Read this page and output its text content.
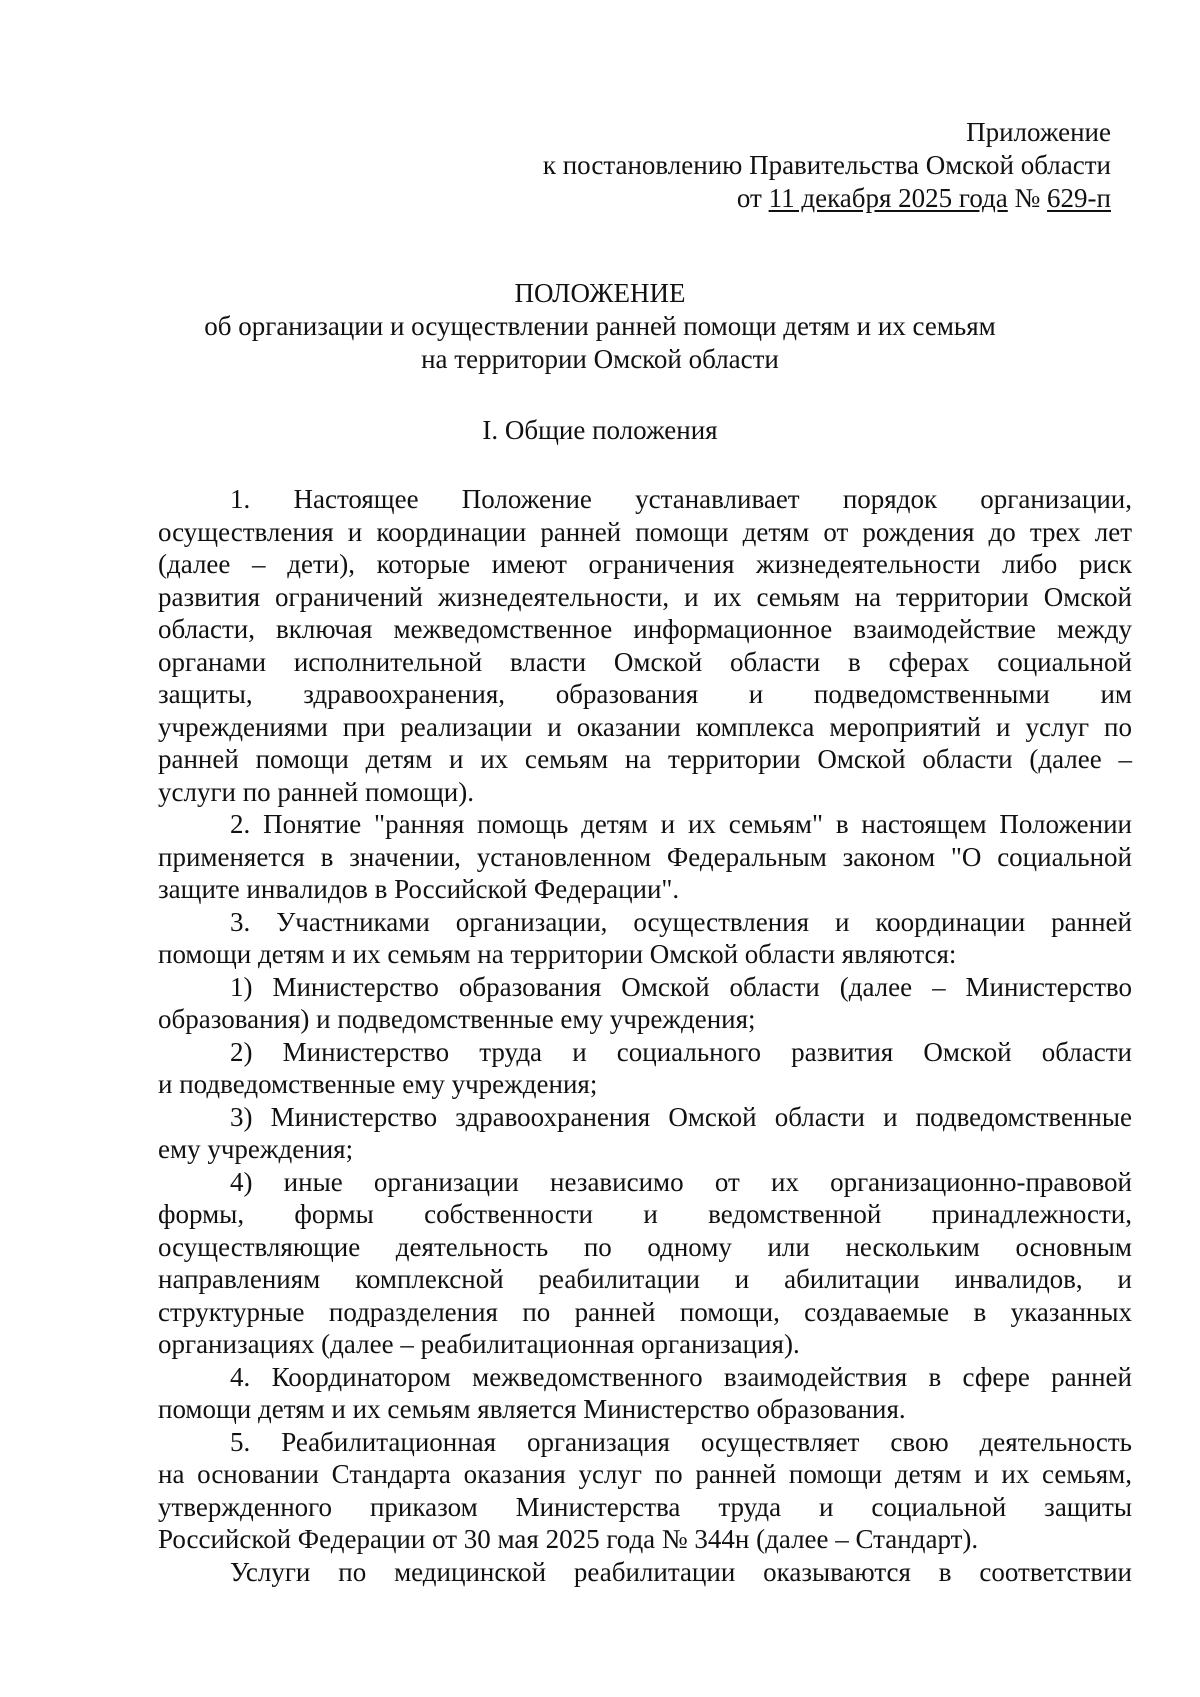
Приложение
к постановлению Правительства Омской области
от 11 декабря 2025 года № 629-п
ПОЛОЖЕНИЕ
об организации и осуществлении ранней помощи детям и их семьям
на территории Омской области
I. Общие положения
1. Настоящее Положение устанавливает порядок организации,
осуществления и координации ранней помощи детям от рождения до трех лет
(далее – дети), которые имеют ограничения жизнедеятельности либо риск
развития ограничений жизнедеятельности, и их семьям на территории Омской
области, включая межведомственное информационное взаимодействие между
органами исполнительной власти Омской области в сферах социальной
защиты, здравоохранения, образования и подведомственными им
учреждениями при реализации и оказании комплекса мероприятий и услуг по
ранней помощи детям и их семьям на территории Омской области (далее –
услуги по ранней помощи).
2. Понятие "ранняя помощь детям и их семьям" в настоящем Положении
применяется в значении, установленном Федеральным законом "О социальной
защите инвалидов в Российской Федерации".
3. Участниками организации, осуществления и координации ранней
помощи детям и их семьям на территории Омской области являются:
1) Министерство образования Омской области (далее – Министерство
образования) и подведомственные ему учреждения;
2) Министерство труда и социального развития Омской области
и подведомственные ему учреждения;
3) Министерство здравоохранения Омской области и подведомственные
ему учреждения;
4) иные организации независимо от их организационно-правовой
формы, формы собственности и ведомственной принадлежности,
осуществляющие деятельность по одному или нескольким основным
направлениям комплексной реабилитации и абилитации инвалидов, и
структурные подразделения по ранней помощи, создаваемые в указанных
организациях (далее – реабилитационная организация).
4. Координатором межведомственного взаимодействия в сфере ранней
помощи детям и их семьям является Министерство образования.
5. Реабилитационная организация осуществляет свою деятельность
на основании Стандарта оказания услуг по ранней помощи детям и их семьям,
утвержденного приказом Министерства труда и социальной защиты
Российской Федерации от 30 мая 2025 года № 344н (далее – Стандарт).
Услуги по медицинской реабилитации оказываются в соответствии
